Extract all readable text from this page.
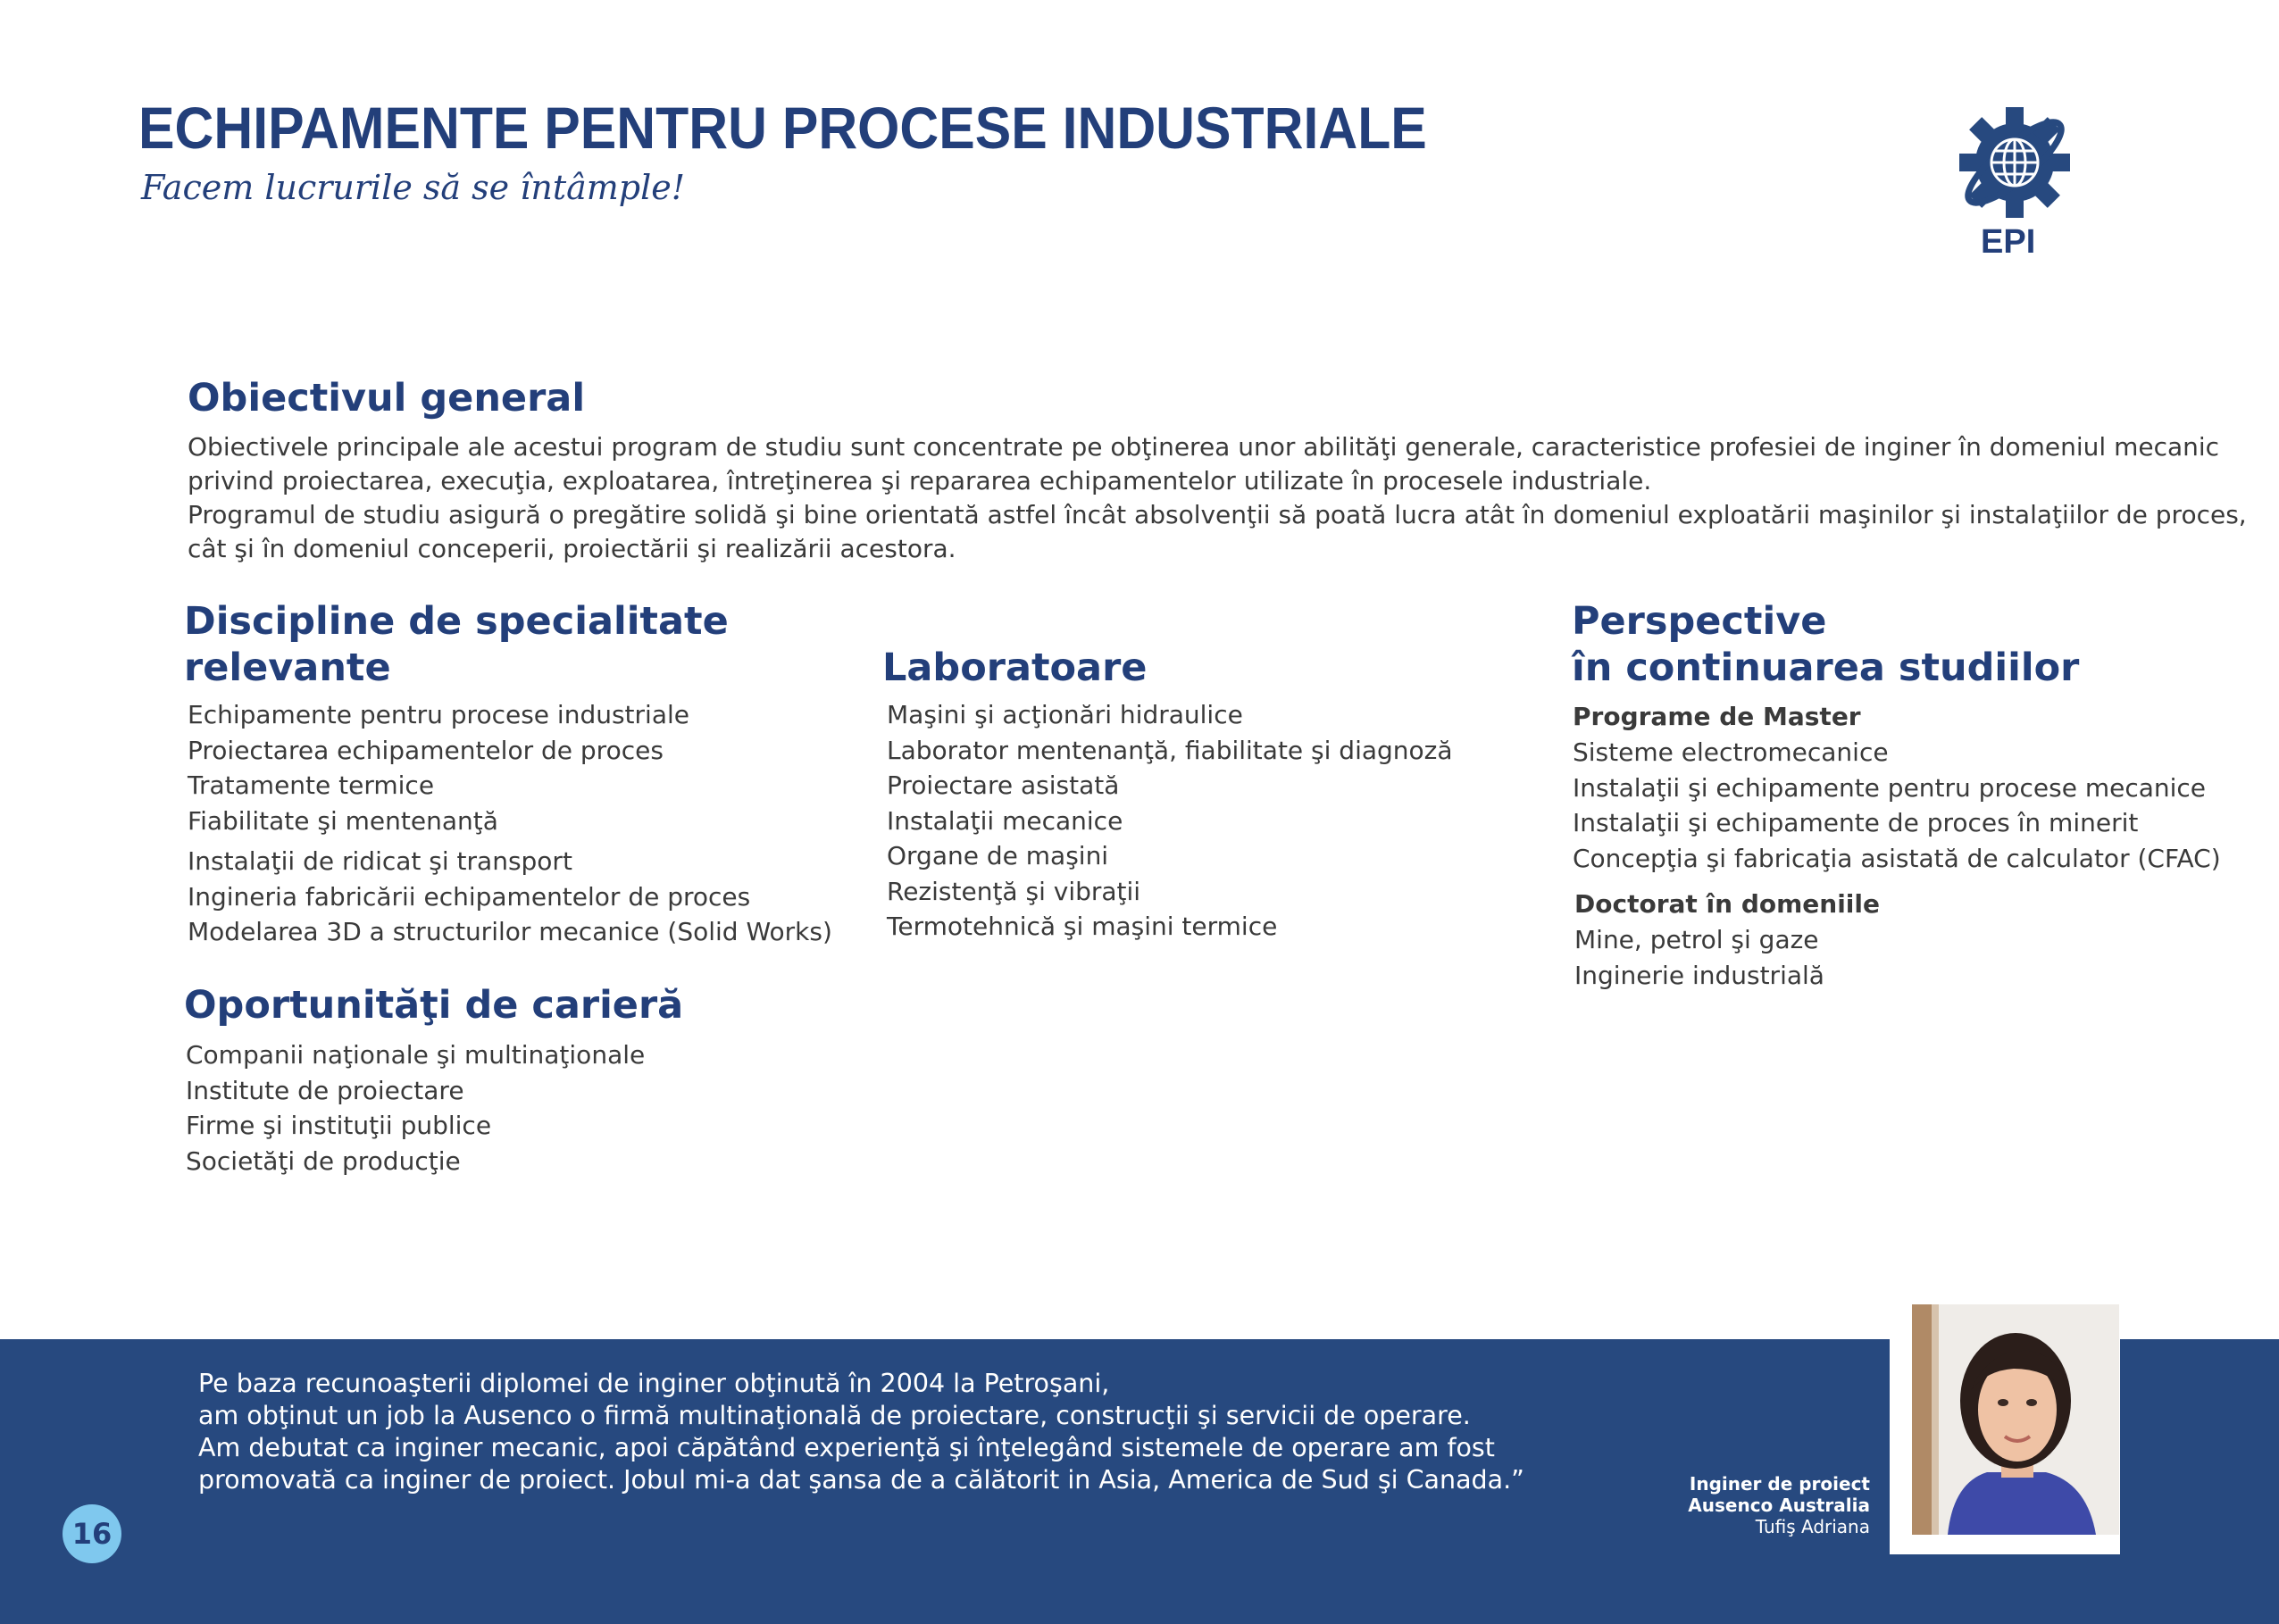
ECHIPAMENTE PENTRU PROCESE INDUSTRIALE
Facem lucrurile să se întâmple!
EPI
Obiectivul general

Obiectivele principale ale acestui program de studiu sunt concentrate pe obţinerea unor abilităţi generale, caracteristice profesiei de inginer în domeniul mecanic

privind proiectarea, execuţia, exploatarea, întreţinerea şi repararea echipamentelor utilizate în procesele industriale.

Programul de studiu asigură o pregătire solidă şi bine orientată astfel încât absolvenţii să poată lucra atât în domeniul exploatării maşinilor şi instalaţiilor de proces,

cât şi în domeniul conceperii, proiectării şi realizării acestora.

Discipline de specialitate
relevante
Echipamente pentru procese industriale
Proiectarea echipamentelor de proces
Tratamente termice
Fiabilitate şi mentenanţă
Instalaţii de ridicat şi transport
Ingineria fabricării echipamentelor de proces
Modelarea 3D a structurilor mecanice (Solid Works)
Laboratoare
Maşini şi acţionări hidraulice
Laborator mentenanţă, fiabilitate şi diagnoză
Proiectare asistată
Instalaţii mecanice
Organe de maşini
Rezistenţă şi vibraţii
Termotehnică şi maşini termice
Perspective
în continuarea studiilor
Programe de Master
Sisteme electromecanice
Instalaţii şi echipamente pentru procese mecanice
Instalaţii şi echipamente de proces în minerit
Concepţia şi fabricaţia asistată de calculator (CFAC)
Doctorat în domeniile
Mine, petrol şi gaze
Inginerie industrială
Oportunităţi de carieră
Companii naţionale şi multinaţionale
Institute de proiectare
Firme şi instituţii publice
Societăţi de producţie
Pe baza recunoaşterii diplomei de inginer obţinută în 2004 la Petroşani,
am obţinut un job la Ausenco o firmă multinaţională de proiectare, construcţii şi servicii de operare.
Am debutat ca inginer mecanic, apoi căpătând experienţă şi înţelegând sistemele de operare am fost
promovată ca inginer de proiect. Jobul mi-a dat şansa de a călătorit in Asia, America de Sud şi Canada.”	Inginer de proiect
Ausenco Australia
Tufiş Adriana
16
